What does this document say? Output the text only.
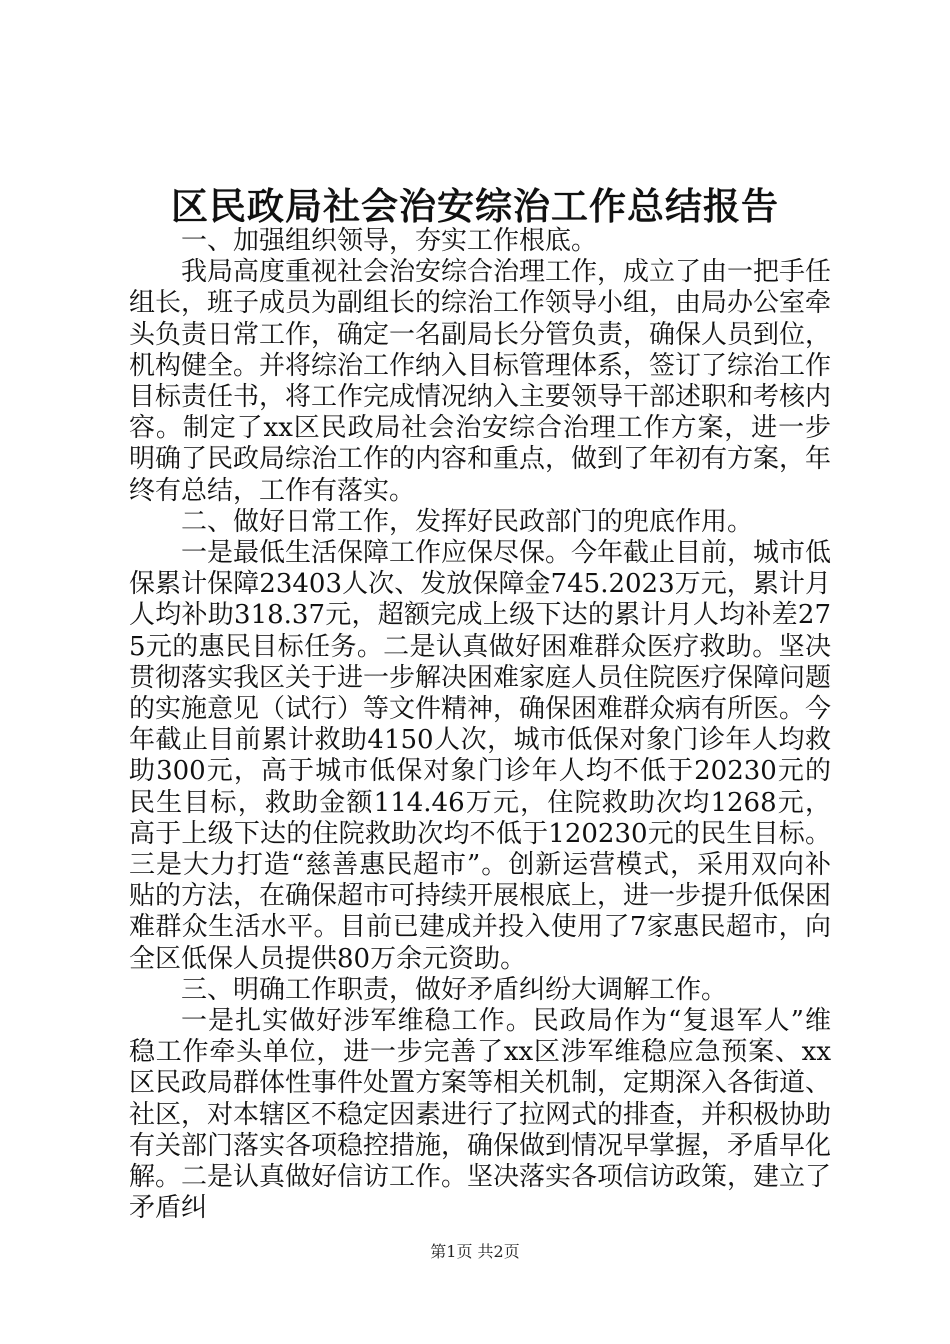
区民政局社会治安综治工作总结报告

一、加强组织领导，夯实工作根底。

我局高度重视社会治安综合治理工作，成立了由一把手任组长，班子成员为副组长的综治工作领导小组，由局办公室牵头负责日常工作，确定一名副局长分管负责，确保人员到位，机构健全。并将综治工作纳入目标管理体系，签订了综治工作目标责任书，将工作完成情况纳入主要领导干部述职和考核内容。制定了xx区民政局社会治安综合治理工作方案，进一步明确了民政局综治工作的内容和重点，做到了年初有方案，年终有总结，工作有落实。

二、做好日常工作，发挥好民政部门的兜底作用。

一是最低生活保障工作应保尽保。今年截止目前，城市低保累计保障23403人次、发放保障金745.2023万元，累计月人均补助318.37元，超额完成上级下达的累计月人均补差275元的惠民目标任务。二是认真做好困难群众医疗救助。坚决贯彻落实我区关于进一步解决困难家庭人员住院医疗保障问题的实施意见（试行）等文件精神，确保困难群众病有所医。今年截止目前累计救助4150人次，城市低保对象门诊年人均救助300元，高于城市低保对象门诊年人均不低于20230元的民生目标，救助金额114.46万元，住院救助次均1268元，高于上级下达的住院救助次均不低于120230元的民生目标。三是大力打造“慈善惠民超市”。创新运营模式，采用双向补贴的方法，在确保超市可持续开展根底上，进一步提升低保困难群众生活水平。目前已建成并投入使用了7家惠民超市，向全区低保人员提供80万余元资助。

三、明确工作职责，做好矛盾纠纷大调解工作。

一是扎实做好涉军维稳工作。民政局作为“复退军人”维稳工作牵头单位，进一步完善了xx区涉军维稳应急预案、xx区民政局群体性事件处置方案等相关机制，定期深入各街道、社区，对本辖区不稳定因素进行了拉网式的排查，并积极协助有关部门落实各项稳控措施，确保做到情况早掌握，矛盾早化解。二是认真做好信访工作。坚决落实各项信访政策，建立了矛盾纠

第1页 共2页
